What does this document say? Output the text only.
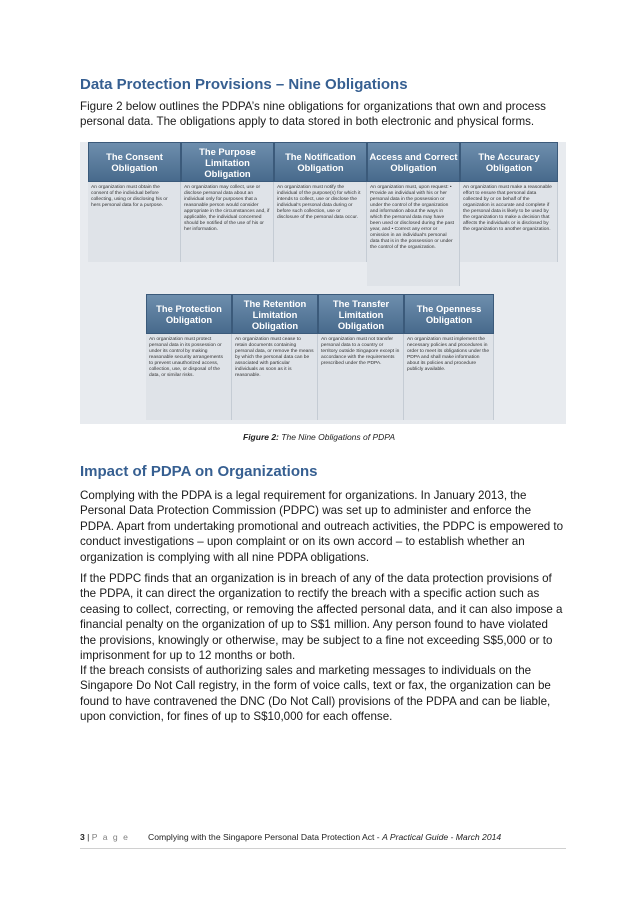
Data Protection Provisions – Nine Obligations

Figure 2 below outlines the PDPA’s nine obligations for organizations that own and process personal data. The obligations apply to data stored in both electronic and physical forms.

The Consent Obligation
An organization must obtain the consent of the individual before collecting, using or disclosing his or hers personal data for a purpose.
The Purpose Limitation Obligation
An organization may collect, use or disclose personal data about an individual only for purposes that a reasonable person would consider appropriate in the circumstances and, if applicable, the individual concerned should be notified of the use of his or her information.
The Notification Obligation
An organization must notify the individual of the purpose(s) for which it intends to collect, use or disclose the individual’s personal data during or before such collection, use or disclosure of the personal data occur.
Access and Correct Obligation
An organization must, upon request: • Provide an individual with his or her personal data in the possession or under the control of the organization and information about the ways in which the personal data may have been used or disclosed during the past year, and • Correct any error or omission in an individual’s personal data that is in the possession or under the control of the organization.
The Accuracy Obligation
An organization must make a reasonable effort to ensure that personal data collected by or on behalf of the organization is accurate and complete if the personal data is likely to be used by the organization to make a decision that affects the individuals or is disclosed by the organization to another organization.
The Protection Obligation
An organization must protect personal data in its possession or under its control by making reasonable security arrangements to prevent unauthorized access, collection, use, or disposal of the data, or similar risks.
The Retention Limitation Obligation
An organization must cease to retain documents containing personal data, or remove the means by which the personal data can be associated with particular individuals as soon as it is reasonable.
The Transfer Limitation Obligation
An organization must not transfer personal data to a country or territory outside Singapore except in accordance with the requirements prescribed under the PDPA.
The Openness Obligation
An organization must implement the necessary policies and procedures in order to meet its obligations under the PDPA and shall make information about its policies and procedure publicly available.
Figure 2: The Nine Obligations of PDPA
Impact of PDPA on Organizations

Complying with the PDPA is a legal requirement for organizations. In January 2013, the Personal Data Protection Commission (PDPC) was set up to administer and enforce the PDPA. Apart from undertaking promotional and outreach activities, the PDPC is empowered to conduct investigations – upon complaint or on its own accord – to establish whether an organization is complying with all nine PDPA obligations.

If the PDPC finds that an organization is in breach of any of the data protection provisions of the PDPA, it can direct the organization to rectify the breach with a specific action such as ceasing to collect, correcting, or removing the affected personal data, and it can also impose a financial penalty on the organization of up to S$1 million. Any person found to have violated the provisions, knowingly or otherwise, may be subject to a fine not exceeding S$5,000 or to imprisonment for up to 12 months or both.

If the breach consists of authorizing sales and marketing messages to individuals on the Singapore Do Not Call registry, in the form of voice calls, text or fax, the organization can be found to have contravened the DNC (Do Not Call) provisions of the PDPA and can be liable, upon conviction, for fines of up to S$10,000 for each offense.

3 | P a g e Complying with the Singapore Personal Data Protection Act - A Practical Guide - March 2014
